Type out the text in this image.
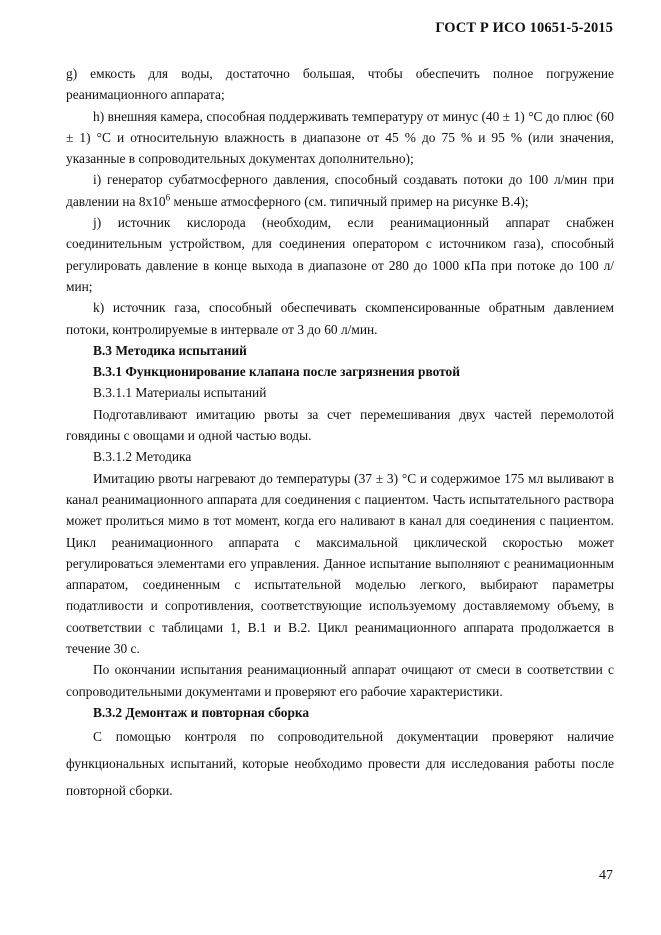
ГОСТ Р ИСО 10651-5-2015

g) емкость для воды, достаточно большая, чтобы обеспечить полное погружение реанимационного аппарата;

h) внешняя камера, способная поддерживать температуру от минус (40 ± 1) °С до плюс (60 ± 1) °С и относительную влажность в диапазоне от 45 % до 75 % и 95 % (или значения, указанные в сопроводительных документах дополнительно);

i) генератор субатмосферного давления, способный создавать потоки до 100 л/мин при давлении на $8х10^6$ меньше атмосферного (см. типичный пример на рисунке В.4);

j) источник кислорода (необходим, если реанимационный аппарат снабжен соединительным устройством, для соединения оператором с источником газа), способный регулировать давление в конце выхода в диапазоне от 280 до 1000 кПа при потоке до 100 л/мин;

k) источник газа, способный обеспечивать скомпенсированные обратным давлением потоки, контролируемые в интервале от 3 до 60 л/мин.

В.3 Методика испытаний

В.3.1 Функционирование клапана после загрязнения рвотой

В.3.1.1 Материалы испытаний

Подготавливают имитацию рвоты за счет перемешивания двух частей перемолотой говядины с овощами и одной частью воды.

В.3.1.2 Методика

Имитацию рвоты нагревают до температуры (37 ± 3) °С и содержимое 175 мл выливают в канал реанимационного аппарата для соединения с пациентом. Часть испытательного раствора может пролиться мимо в тот момент, когда его наливают в канал для соединения с пациентом. Цикл реанимационного аппарата с максимальной циклической скоростью может регулироваться элементами его управления. Данное испытание выполняют с реанимационным аппаратом, соединенным с испытательной моделью легкого, выбирают параметры податливости и сопротивления, соответствующие используемому доставляемому объему, в соответствии с таблицами 1, В.1 и В.2. Цикл реанимационного аппарата продолжается в течение 30 с.

По окончании испытания реанимационный аппарат очищают от смеси в соответствии с сопроводительными документами и проверяют его рабочие характеристики.

В.3.2 Демонтаж и повторная сборка

С помощью контроля по сопроводительной документации проверяют наличие функциональных испытаний, которые необходимо провести для исследования работы после повторной сборки.

47
